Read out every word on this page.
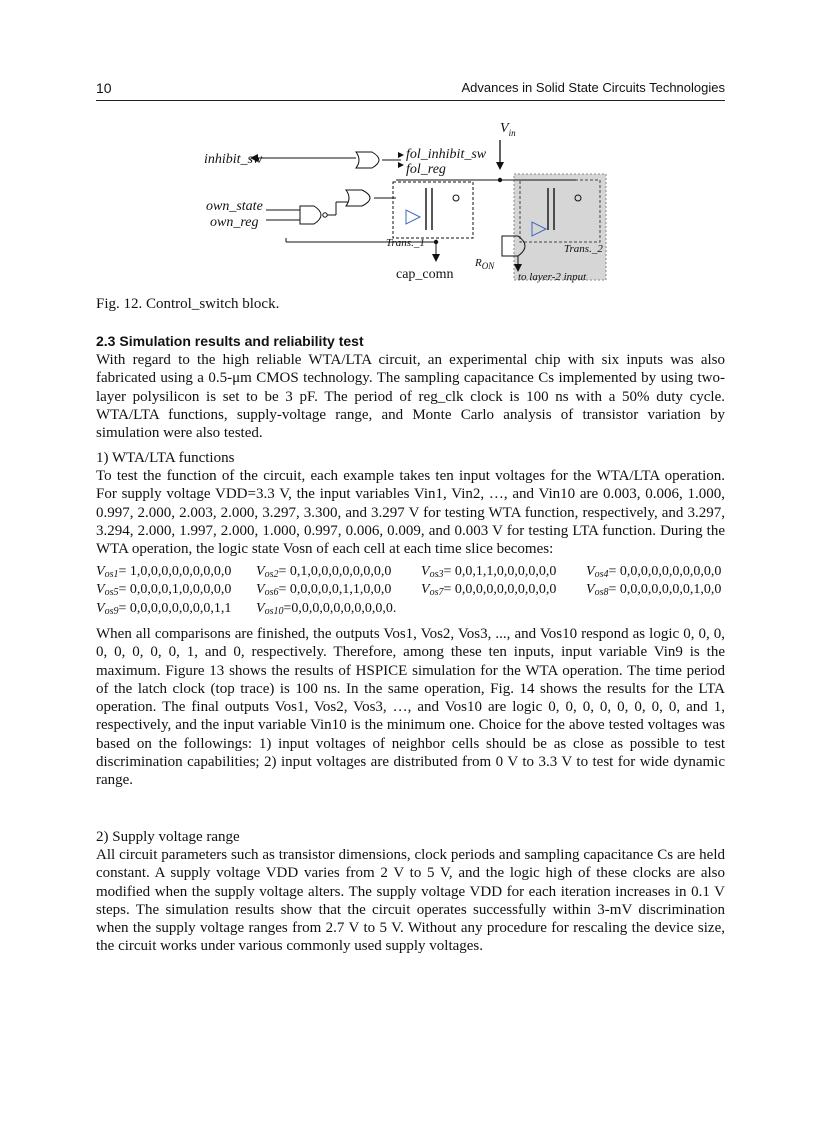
10	Advances in Solid State Circuits Technologies
$V_{in}$
inhibit_sw	fol_inhibit_sw
fol_reg
own_state
own_reg
Trans._1	Trans._2
$R_{ON}$
cap_comn	to layer-2 input
Fig. 12. Control_switch block.
2.3 Simulation results and reliability test
With regard to the high reliable WTA/LTA circuit, an experimental chip with six inputs was also fabricated using a 0.5-μm CMOS technology. The sampling capacitance Cs implemented by using two-layer polysilicon is set to be 3 pF. The period of reg_clk clock is 100 ns with a 50% duty cycle. WTA/LTA functions, supply-voltage range, and Monte Carlo analysis of transistor variation by simulation were also tested.
1) WTA/LTA functions
To test the function of the circuit, each example takes ten input voltages for the WTA/LTA operation. For supply voltage VDD=3.3 V, the input variables Vin1, Vin2, …, and Vin10 are 0.003, 0.006, 1.000, 0.997, 2.000, 2.003, 2.000, 3.297, 3.300, and 3.297 V for testing WTA function, respectively, and 3.297, 3.294, 2.000, 1.997, 2.000, 1.000, 0.997, 0.006, 0.009, and 0.003 V for testing LTA function. During the WTA operation, the logic state Vosn of each cell at each time slice becomes:
$V_{os1}= 1,0,0,0,0,0,0,0,0,0$ $V_{os2}= 0,1,0,0,0,0,0,0,0,0$ $V_{os3}= 0,0,1,1,0,0,0,0,0,0$ $V_{os4}= 0,0,0,0,0,0,0,0,0,0$
$V_{os5}= 0,0,0,0,1,0,0,0,0,0$ $V_{os6}= 0,0,0,0,0,1,1,0,0,0$ $V_{os7}= 0,0,0,0,0,0,0,0,0,0$ $V_{os8}= 0,0,0,0,0,0,0,1,0,0$
$V_{os9}= 0,0,0,0,0,0,0,0,1,1$ $V_{os10}=0,0,0,0,0,0,0,0,0,0$.
When all comparisons are finished, the outputs Vos1, Vos2, Vos3, ..., and Vos10 respond as logic 0, 0, 0, 0, 0, 0, 0, 0, 1, and 0, respectively. Therefore, among these ten inputs, input variable Vin9 is the maximum. Figure 13 shows the results of HSPICE simulation for the WTA operation. The time period of the latch clock (top trace) is 100 ns. In the same operation, Fig. 14 shows the results for the LTA operation. The final outputs Vos1, Vos2, Vos3, …, and Vos10 are logic 0, 0, 0, 0, 0, 0, 0, 0, and 1, respectively, and the input variable Vin10 is the minimum one. Choice for the above tested voltages was based on the followings: 1) input voltages of neighbor cells should be as close as possible to test discrimination capabilities; 2) input voltages are distributed from 0 V to 3.3 V to test for wide dynamic range.
2) Supply voltage range
All circuit parameters such as transistor dimensions, clock periods and sampling capacitance Cs are held constant. A supply voltage VDD varies from 2 V to 5 V, and the logic high of these clocks are also modified when the supply voltage alters. The supply voltage VDD for each iteration increases in 0.1 V steps. The simulation results show that the circuit operates successfully within 3-mV discrimination when the supply voltage ranges from 2.7 V to 5 V. Without any procedure for rescaling the device size, the circuit works under various commonly used supply voltages.
